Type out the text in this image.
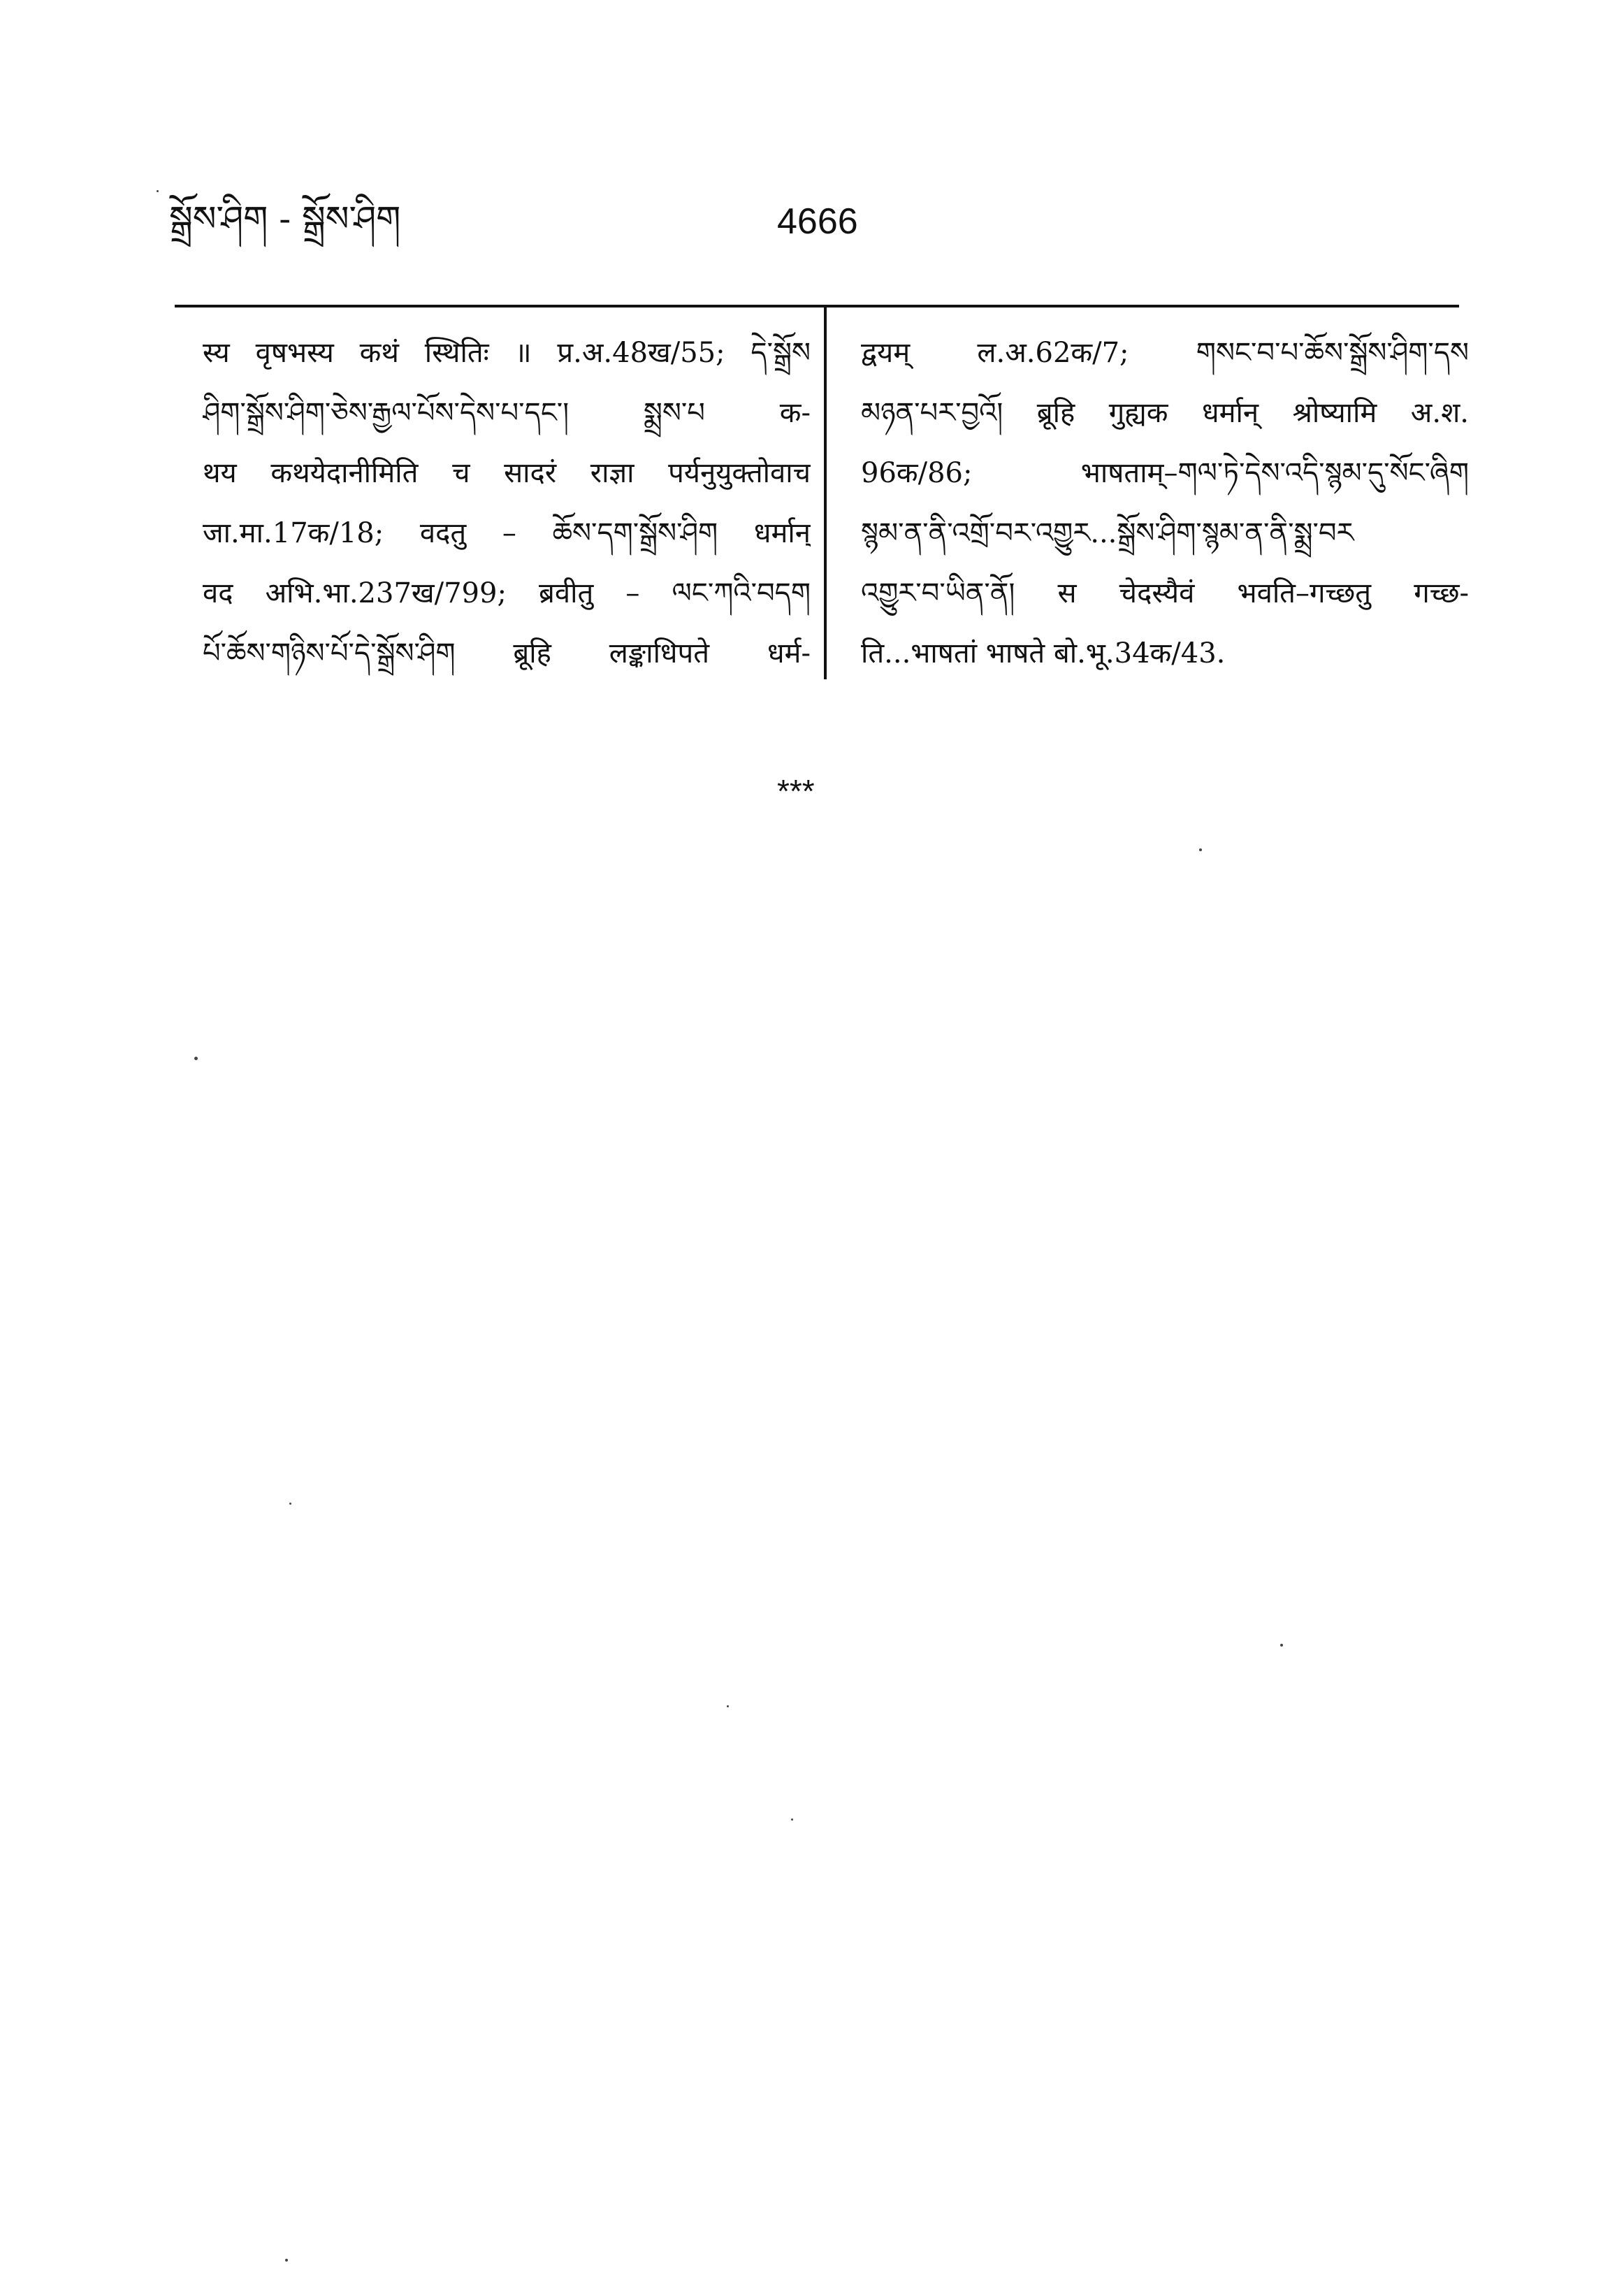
སྒྲོས་ཤིག - སྒྲོས་ཤིག	4666
स्य वृषभस्य कथं स्थितिः ॥ प्र.अ.48ख/55; དེ་སྒྲོས
ཤིག་སྒྲོས་ཤིག་ཅེས་རྒྱལ་པོས་དེས་པ་དང་། སྨྲས་པ क-
थय कथयेदानीमिति च सादरं राज्ञा पर्यनुयुक्तोवाच
जा.मा.17क/18; वदतु – ཆོས་དག་སྒྲོས་ཤིག धर्मान्
वद अभि.भा.237ख/799; ब्रवीतु – ལང་ཀའི་བདག
པོ་ཆོས་གཉིས་པོ་དེ་སྒྲོས་ཤིག ब्रूहि लङ्काधिपते धर्म-
द्वयम् ल.अ.62क/7; གསང་བ་པ་ཆོས་སྒྲོས་ཤིག་དས
མཉན་པར་བྱའོ། ब्रूहि गुह्यक धर्मान् श्रोष्यामि अ.श.
96क/86; भाषताम्–གལ་ཏེ་དེས་འདི་སྙམ་དུ་སོང་ཞིག
སྙམ་ན་ནི་འགྲོ་བར་འགྱུར...སྒྲོས་ཤིག་སྙམ་ན་ནི་སྨྲ་བར
འགྱུར་བ་ཡིན་ནོ། स चेदस्यैवं भवति–गच्छतु गच्छ-
ति...भाषतां भाषते बो.भू.34क/43.
***
